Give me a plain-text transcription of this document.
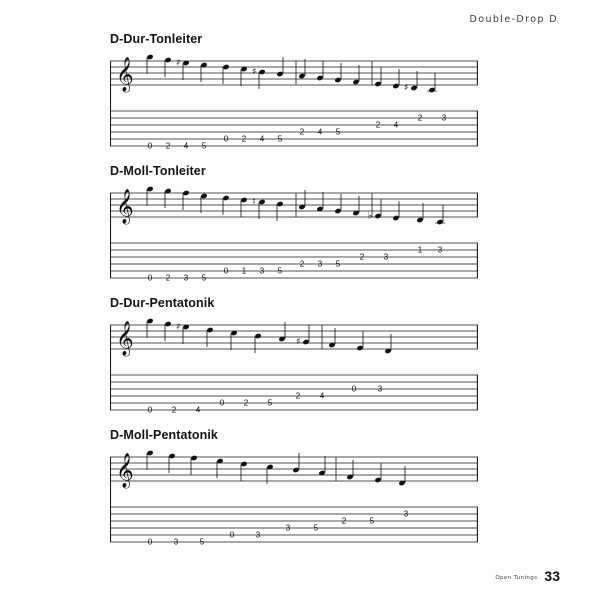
Double-Drop D
D-Dur-Tonleiter
𝄞	♯
♯
♯
0 2 4 5
0 2 4 5
2 4 5
2 4
2 3
D-Moll-Tonleiter
𝄞	♮
♭
0 2 3 5
0 1 3 5
2 3 5
2 3
1 3
D-Dur-Pentatonik
𝄞	♯
♯
0 2 4
0 2 5
2 4
0	3
D-Moll-Pentatonik
𝄞
0	3	5
0	3
3	5
2	5
3
Open Tunings 33
